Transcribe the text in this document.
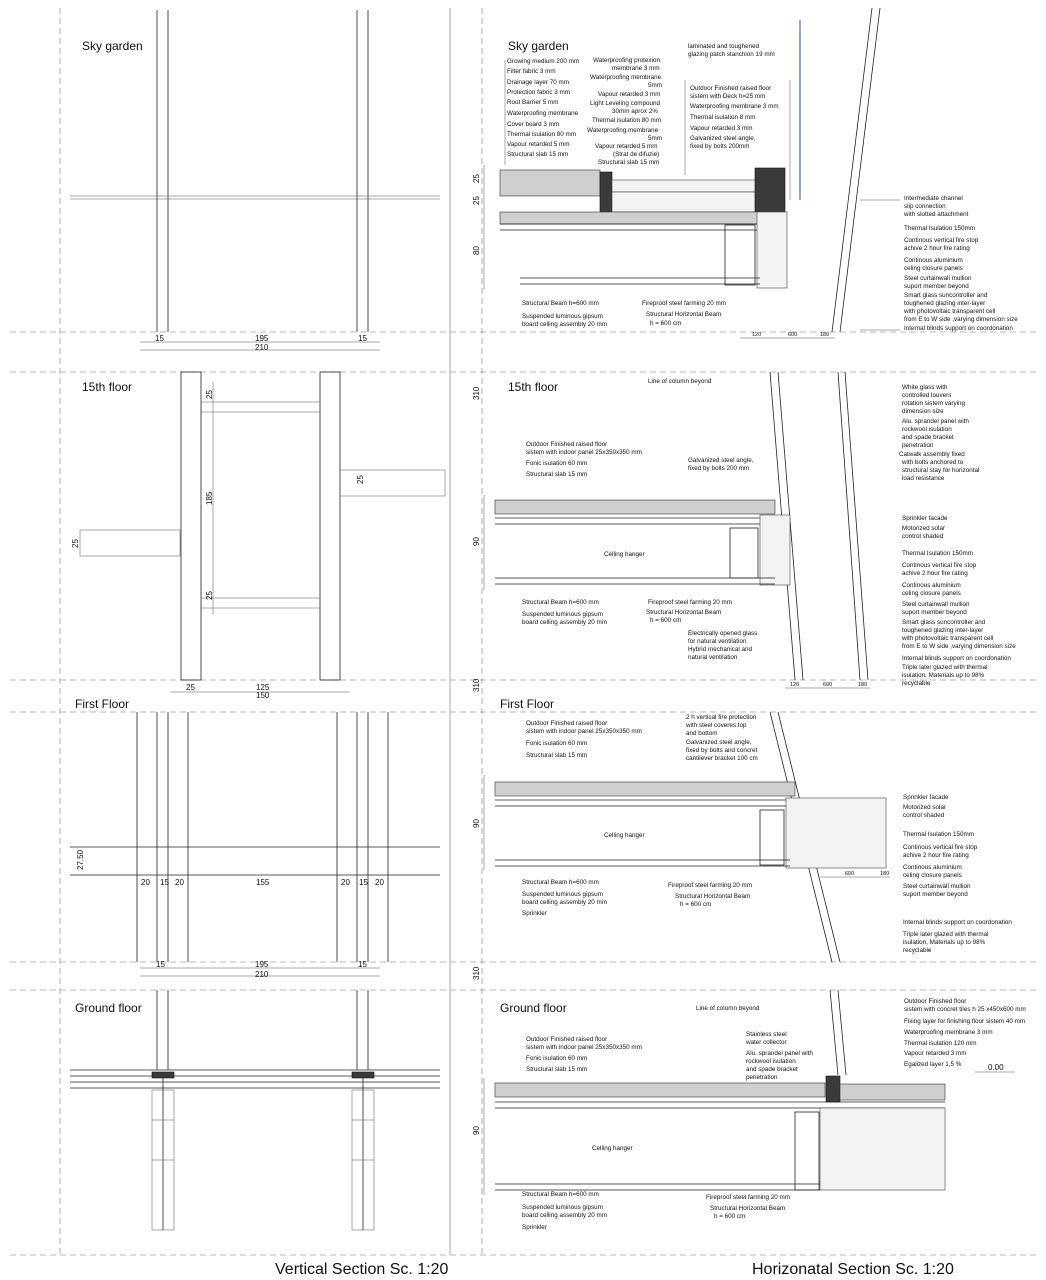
Sky garden
15	195	15
210
15th floor
25
185
25
25
25
25	125
150
First Floor
27.50
20 15 20	155	20 15 20
15	195	15
210
Ground floor
Sky garden
25
25
80
120	600	180
Growing medium 200 mm
Filter fabric 3 mm
Drainage layer 70 mm
Protection fabric 3 mm
Root Barrier 5 mm
Waterproofing membrane
Cover board 3 mm
Thermal isulation 80 mm
Vapour retarded 5 mm
Structural slab 15 mm
Waterproofing protexion
membrane 3 mm
Waterproofing membrane
5mm
Vapour retarded 3 mm
Light Leveling compound
30mm aprox 2%
Thermal isulation 80 mm
Waterproofing membrane
5mm
Vapour retarded 5 mm
(Strat de difuzie)
Structural slab 15 mm
laminated and toughened
glazing patch stanchion 19 mm
Outdoor Finished raised floor
sistem with Deck h=25 mm
Waterproofing membrane 3 mm
Thermal isulation 8 mm
Vapour retarded 3 mm
Galvanized steel angle,
fixed by bolts 200mm
Intermediate channel
slip connection
with slotted attachment
Thermal Isulation 150mm
Continous vertical fire stop
achive 2 hour fire rating
Continous aluminium
celing closure panels
Steel curtainwall mullion
suport member beyond
Smart glass suncontroller and
toughened glazing inter-layer
with photovoltaic transparent cell
from E to W side ,varying dimension size
Internal blinds support on coordonation
Structural Beam h=600 mm
Suspended luminous gipsum
board celling assembly 20 mm
Fireproof steel farming 20 mm
Structural Horizontal Beam
h = 600 cm
15th floor
310
90
120	600	180
Line of column beyond
Outdoor Finished raised floor
sistem with indoor panel 25x350x350 mm
Fonic isulation 60 mm
Structural slab 15 mm
Galvanized steel angle,
fixed by bolts 200 mm
Celling hanger
White glass with
controlled louvers
rotation sistem varying
dimension size
Alu. sprandel panel with
rockwool isulation
and spade bracket
penetration
Catwalk assembly fixed
with bolts anchored to
structural stay for horizontal
load resistance
Sprinkler facade
Motorized solar
control shaded
Thermal Isulation 150mm
Continous vertical fire stop
achive 2 hour fire rating
Continous aluminium
celing closure panels
Steel curtainwall mullion
suport member beyond
Smart glass suncontroller and
toughened glazing inter-layer
with photovoltaic transparent cell
from E to W side ,varying dimension size
Internal blinds support on coordonation
Triple later glazed with thermal
isulation, Materials up to 98%
recyclable
Structural Beam h=600 mm
Suspended luminous gipsum
board celling assembly 20 mm
Fireproof steel farming 20 mm
Structural Horizontal Beam
h = 600 cm
Electrically opened glass
for natural ventilation
Hybrid mechanical and
natural ventilation
First Floor
310
90
600	180
Outdoor Finished raised floor
sistem with indoor panel 25x350x350 mm
Fonic isulation 60 mm
Structural slab 15 mm
2 h vertical fire protection
with steel coveres top
and bottom
Galvanized steel angle,
fixed by bolts and concret
cantilever bracket 100 cm
Celling hanger
Sprinkler facade
Motorized solar
control shaded
Thermal Isulation 150mm
Continous vertical fire stop
achive 2 hour fire rating
Continous aluminium
celing closure panels
Steel curtainwall mullion
suport member beyond
Internal blinds support on coordonation
Triple later glazed with thermal
isulation, Materials up to 98%
recyclable
Structural Beam h=600 mm
Suspended luminous gipsum
board celling assembly 20 mm
Sprinkler
Fireproof steel farming 20 mm
Structural Horizontal Beam
h = 600 cm
Ground floor
310
90
0.00
Line of column beyond
Outdoor Finished raised floor
sistem with indoor panel 25x350x350 mm
Fonic isulation 60 mm
Structural slab 15 mm
Stainless steel
water collector
Alu. sprandel panel with
rockwool isulation
and spade bracket
penetration
Celling hanger
Outdoor Finished floor
sistem with concret tiles h 25 x450x600 mm
Fixing layer for finishing floor sistem 40 mm
Waterproofing membrane 3 mm
Thermal isulation 120 mm
Vapour retarded 3 mm
Egalized layer 1,5 %
Structural Beam h=600 mm
Suspended luminous gipsum
board celling assembly 20 mm
Sprinkler
Fireproof steel farming 20 mm
Structural Horizontal Beam
h = 600 cm
Vertical Section Sc. 1:20	Horizonatal Section Sc. 1:20
